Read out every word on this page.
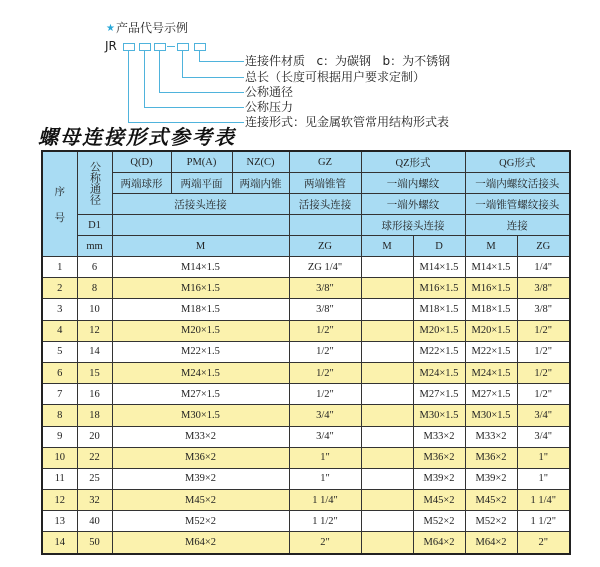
★ 产品代号示例
JR
连接件材质   c：为碳钢   b：为不锈钢
总长（长度可根据用户要求定制）
公称通径
公称压力
连接形式：见金属软管常用结构形式表
螺母连接形式参考表
序

号	公称通径	Q(D)	PM(A)	NZ(C)	GZ	QZ形式		QG形式	
		两端球形	两端平面	两端内锥	两端锥管	一端内螺纹		一端内螺纹活接头	
		活接头连接			活接头连接	一端外螺纹		一端锥管螺纹接头	
	D1					球形接头连接		连接	
	mm	M			ZG	M	D	M	ZG
1	6	M14×1.5			ZG 1/4"		M14×1.5	M14×1.5	1/4"
2	8	M16×1.5			3/8"		M16×1.5	M16×1.5	3/8"
3	10	M18×1.5			3/8"		M18×1.5	M18×1.5	3/8"
4	12	M20×1.5			1/2"		M20×1.5	M20×1.5	1/2"
5	14	M22×1.5			1/2"		M22×1.5	M22×1.5	1/2"
6	15	M24×1.5			1/2"		M24×1.5	M24×1.5	1/2"
7	16	M27×1.5			1/2"		M27×1.5	M27×1.5	1/2"
8	18	M30×1.5			3/4"		M30×1.5	M30×1.5	3/4"
9	20	M33×2			3/4"		M33×2	M33×2	3/4"
10	22	M36×2			1"		M36×2	M36×2	1"
11	25	M39×2			1"		M39×2	M39×2	1"
12	32	M45×2			1 1/4"		M45×2	M45×2	1 1/4"
13	40	M52×2			1 1/2"		M52×2	M52×2	1 1/2"
14	50	M64×2			2"		M64×2	M64×2	2"
